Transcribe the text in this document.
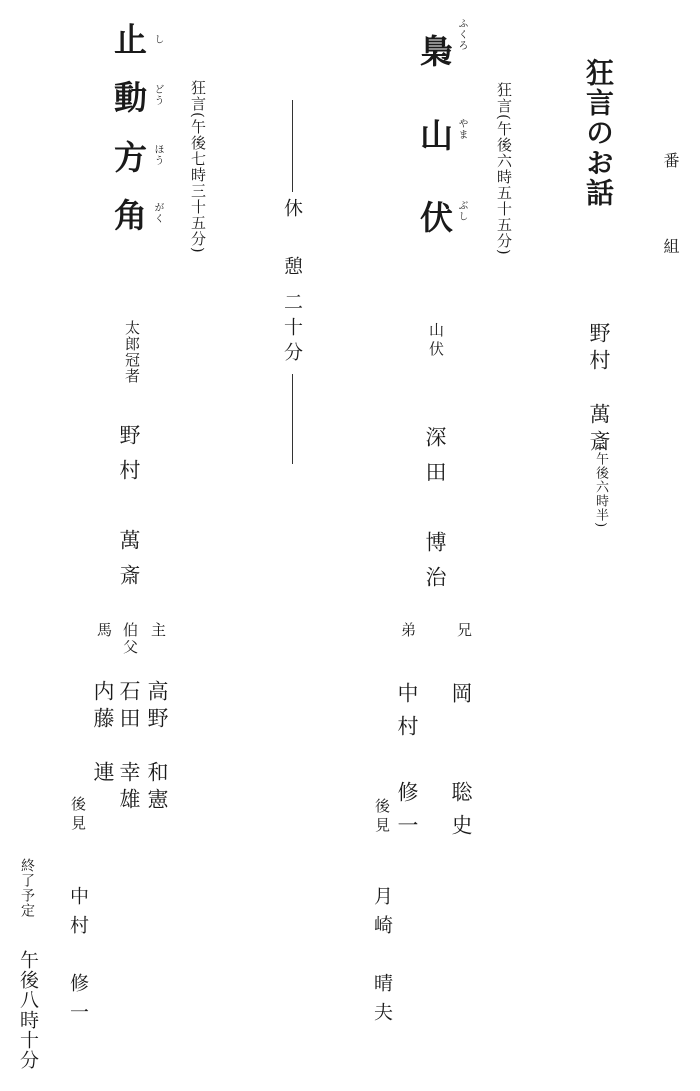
番
組
狂言のお話
野村　萬斎
(午後六時半)
狂言(午後六時五十五分)
梟
山
伏
ふくろ
やま
ぶし
山伏
深田　博治
兄
岡　　聡史
弟
中村　修一
後見
月崎　晴夫
休　憩
二十分
狂言(午後七時三十五分)
止
動
方
角
し
どう
ほう
がく
太郎冠者
野村　萬斎
主
高野　和憲
伯父
石田　幸雄
馬
内藤　連
後見
中村　修一
終了予定
午後八時十分
